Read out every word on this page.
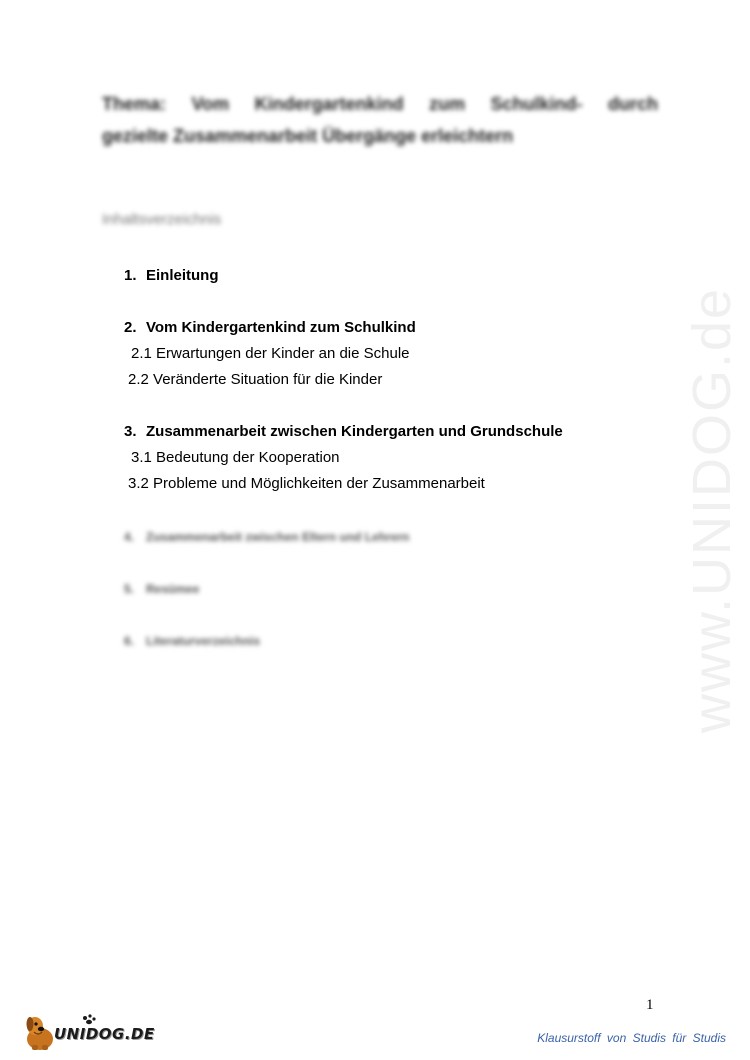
www.UNIDOG.de
Thema: Vom Kindergartenkind zum Schulkind- durch
gezielte Zusammenarbeit Übergänge erleichtern
Inhaltsverzeichnis
1. Einleitung
2. Vom Kindergartenkind zum Schulkind
2.1 Erwartungen der Kinder an die Schule
2.2 Veränderte Situation für die Kinder
3. Zusammenarbeit zwischen Kindergarten und Grundschule
3.1 Bedeutung der Kooperation
3.2 Probleme und Möglichkeiten der Zusammenarbeit
4. Zusammenarbeit zwischen Eltern und Lehrern
5. Resümee
6. Literaturverzeichnis
1
UNIDOG.DE	Klausurstoff von Studis für Studis
